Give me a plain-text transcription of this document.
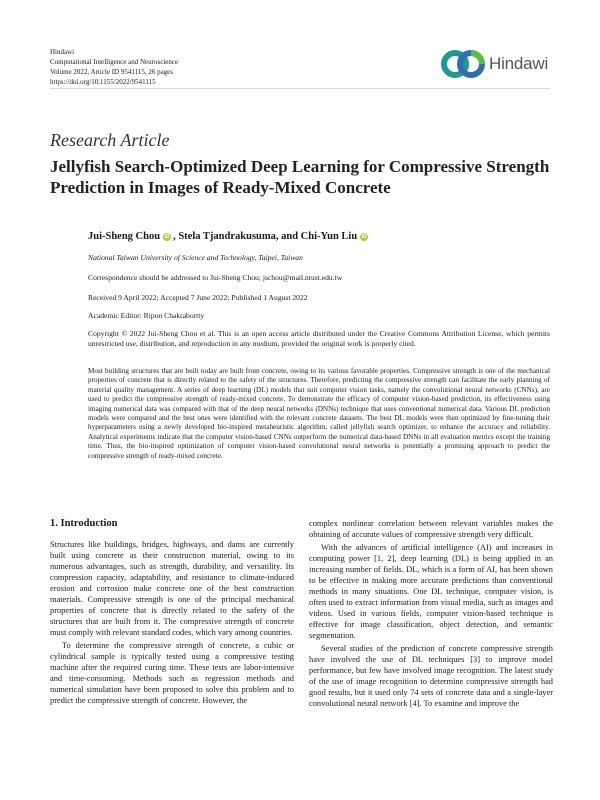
Hindawi
Computational Intelligence and Neuroscience
Volume 2022, Article ID 9541115, 26 pages
https://doi.org/10.1155/2022/9541115
Hindawi
Research Article
Jellyfish Search-Optimized Deep Learning for Compressive Strength Prediction in Images of Ready-Mixed Concrete
Jui-Sheng Chou iD , Stela Tjandrakusuma, and Chi-Yun Liu iD
National Taiwan University of Science and Technology, Taipei, Taiwan
Correspondence should be addressed to Jui-Sheng Chou; jschou@mail.ntust.edu.tw
Received 9 April 2022; Accepted 7 June 2022; Published 1 August 2022
Academic Editor: Ripon Chakrabortty
Copyright © 2022 Jui-Sheng Chou et al. This is an open access article distributed under the Creative Commons Attribution License, which permits unrestricted use, distribution, and reproduction in any medium, provided the original work is properly cited.
Most building structures that are built today are built from concrete, owing to its various favorable properties. Compressive strength is one of the mechanical properties of concrete that is directly related to the safety of the structures. Therefore, predicting the compressive strength can facilitate the early planning of material quality management. A series of deep learning (DL) models that suit computer vision tasks, namely the convolutional neural networks (CNNs), are used to predict the compressive strength of ready-mixed concrete. To demonstrate the efficacy of computer vision-based prediction, its effectiveness using imaging numerical data was compared with that of the deep neural networks (DNNs) technique that uses conventional numerical data. Various DL prediction models were compared and the best ones were identified with the relevant concrete datasets. The best DL models were then optimized by fine-tuning their hyperparameters using a newly developed bio-inspired metaheuristic algorithm, called jellyfish search optimizer, to enhance the accuracy and reliability. Analytical experiments indicate that the computer vision-based CNNs outperform the numerical data-based DNNs in all evaluation metrics except the training time. Thus, the bio-inspired optimization of computer vision-based convolutional neural networks is potentially a promising approach to predict the compressive strength of ready-mixed concrete.
1. Introduction

Structures like buildings, bridges, highways, and dams are currently built using concrete as their construction material, owing to its numerous advantages, such as strength, durability, and versatility. Its compression capacity, adaptability, and resistance to climate-induced erosion and corrosion make concrete one of the best construction materials. Compressive strength is one of the principal mechanical properties of concrete that is directly related to the safety of the structures that are built from it. The compressive strength of concrete must comply with relevant standard codes, which vary among countries.

To determine the compressive strength of concrete, a cubic or cylindrical sample is typically tested using a compressive testing machine after the required curing time. These tests are labor-intensive and time-consuming. Methods such as regression methods and numerical simulation have been proposed to solve this problem and to predict the compressive strength of concrete. However, the

complex nonlinear correlation between relevant variables makes the obtaining of accurate values of compressive strength very difficult.

With the advances of artificial intelligence (AI) and increases in computing power [1, 2], deep learning (DL) is being applied in an increasing number of fields. DL, which is a form of AI, has been shown to be effective in making more accurate predictions than conventional methods in many situations. One DL technique, computer vision, is often used to extract information from visual media, such as images and videos. Used in various fields, computer vision-based technique is effective for image classification, object detection, and semantic segmentation.

Several studies of the prediction of concrete compressive strength have involved the use of DL techniques [3] to improve model performance, but few have involved image recognition. The latest study of the use of image recognition to determine compressive strength had good results, but it used only 74 sets of concrete data and a single-layer convolutional neural network [4]. To examine and improve the
